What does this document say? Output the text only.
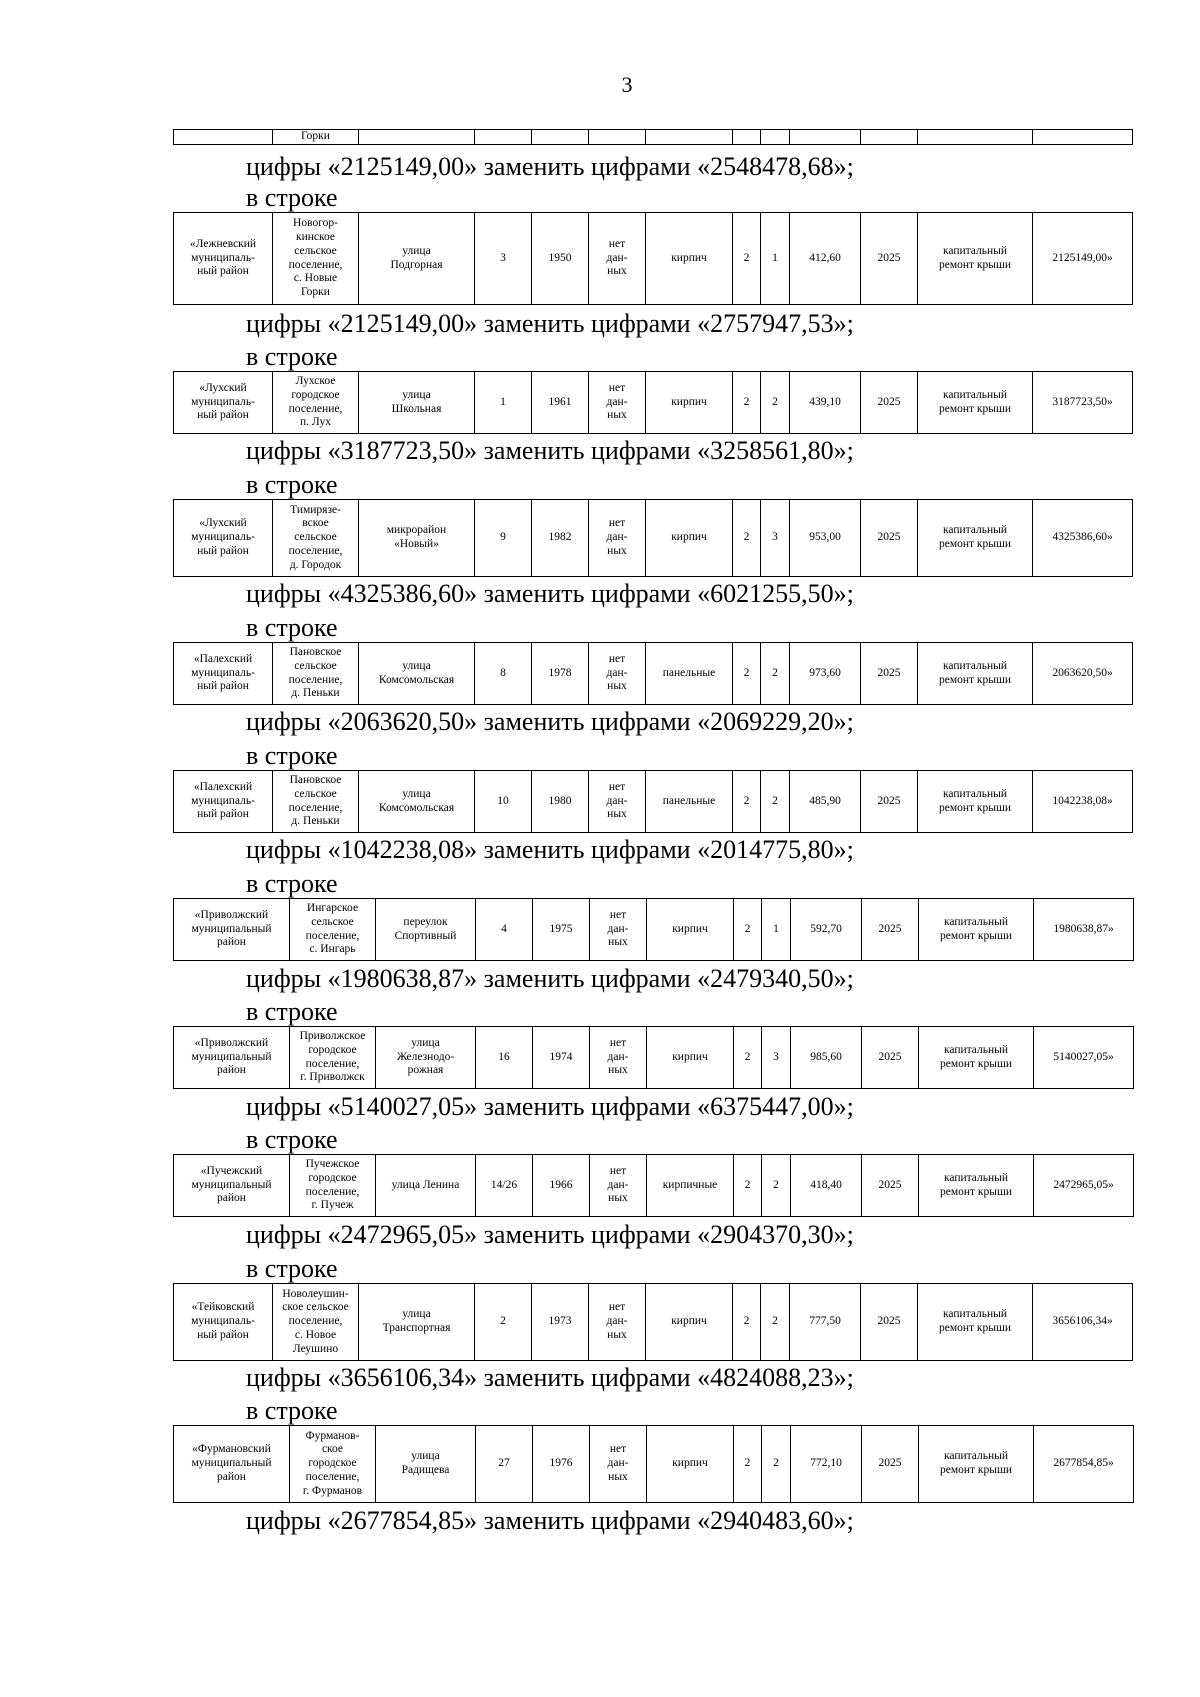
3
	Горки											
цифры «2125149,00» заменить цифрами «2548478,68»;
в строке
«Лежневский
муниципаль-
ный район	Новогор-
кинское
сельское
поселение,
с. Новые
Горки	улица
Подгорная	3	1950	нет
дан-
ных	кирпич	2	1	412,60	2025	капитальный
ремонт крыши	2125149,00»
цифры «2125149,00» заменить цифрами «2757947,53»;
в строке
«Лухский
муниципаль-
ный район	Лухское
городское
поселение,
п. Лух	улица
Школьная	1	1961	нет
дан-
ных	кирпич	2	2	439,10	2025	капитальный
ремонт крыши	3187723,50»
цифры «3187723,50» заменить цифрами «3258561,80»;
в строке
«Лухский
муниципаль-
ный район	Тимирязе-
вское
сельское
поселение,
д. Городок	микрорайон
«Новый»	9	1982	нет
дан-
ных	кирпич	2	3	953,00	2025	капитальный
ремонт крыши	4325386,60»
цифры «4325386,60» заменить цифрами «6021255,50»;
в строке
«Палехский
муниципаль-
ный район	Пановское
сельское
поселение,
д. Пеньки	улица
Комсомольская	8	1978	нет
дан-
ных	панельные	2	2	973,60	2025	капитальный
ремонт крыши	2063620,50»
цифры «2063620,50» заменить цифрами «2069229,20»;
в строке
«Палехский
муниципаль-
ный район	Пановское
сельское
поселение,
д. Пеньки	улица
Комсомольская	10	1980	нет
дан-
ных	панельные	2	2	485,90	2025	капитальный
ремонт крыши	1042238,08»
цифры «1042238,08» заменить цифрами «2014775,80»;
в строке
«Приволжский
муниципальный
район	Ингарское
сельское
поселение,
с. Ингарь	переулок
Спортивный	4	1975	нет
дан-
ных	кирпич	2	1	592,70	2025	капитальный
ремонт крыши	1980638,87»
цифры «1980638,87» заменить цифрами «2479340,50»;
в строке
«Приволжский
муниципальный
район	Приволжское
городское
поселение,
г. Приволжск	улица
Железнодо-
рожная	16	1974	нет
дан-
ных	кирпич	2	3	985,60	2025	капитальный
ремонт крыши	5140027,05»
цифры «5140027,05» заменить цифрами «6375447,00»;
в строке
«Пучежский
муниципальный
район	Пучежское
городское
поселение,
г. Пучеж	улица Ленина	14/26	1966	нет
дан-
ных	кирпичные	2	2	418,40	2025	капитальный
ремонт крыши	2472965,05»
цифры «2472965,05» заменить цифрами «2904370,30»;
в строке
«Тейковский
муниципаль-
ный район	Новолеушин-
ское сельское
поселение,
с. Новое
Леушино	улица
Транспортная	2	1973	нет
дан-
ных	кирпич	2	2	777,50	2025	капитальный
ремонт крыши	3656106,34»
цифры «3656106,34» заменить цифрами «4824088,23»;
в строке
«Фурмановский
муниципальный
район	Фурманов-
ское
городское
поселение,
г. Фурманов	улица
Радищева	27	1976	нет
дан-
ных	кирпич	2	2	772,10	2025	капитальный
ремонт крыши	2677854,85»
цифры «2677854,85» заменить цифрами «2940483,60»;
